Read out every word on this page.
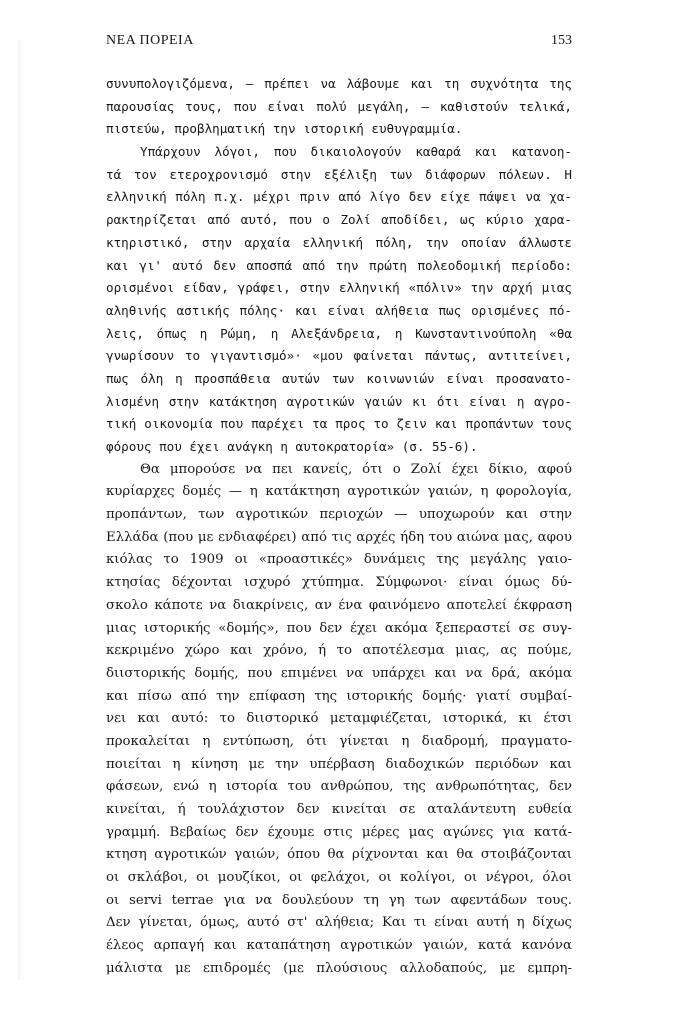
ΝΕΑ ΠΟΡΕΙΑ	153
συνυπολογιζόμενα, — πρέπει να λάβουμε και τη συχνότητα της
παρουσίας τους, που είναι πολύ μεγάλη, — καθιστούν τελικά,
πιστεύω, προβληματική την ιστορική ευθυγραμμία.
Υπάρχουν λόγοι, που δικαιολογούν καθαρά και κατανοη-
τά τον ετεροχρονισμό στην εξέλιξη των διάφορων πόλεων. Η
ελληνική πόλη π.χ. μέχρι πριν από λίγο δεν είχε πάψει να χα-
ρακτηρίζεται από αυτό, που ο Ζολί αποδίδει, ως κύριο χαρα-
κτηριστικό, στην αρχαία ελληνική πόλη, την οποίαν άλλωστε
και γι' αυτό δεν αποσπά από την πρώτη πολεοδομική περίοδο:
ορισμένοι είδαν, γράφει, στην ελληνική «πόλιν» την αρχή μιας
αληθινής αστικής πόλης· και είναι αλήθεια πως ορισμένες πό-
λεις, όπως η Ρώμη, η Αλεξάνδρεια, η Κωνσταντινούπολη «θα
γνωρίσουν το γιγαντισμό»· «μου φαίνεται πάντως, αντιτείνει,
πως όλη η προσπάθεια αυτών των κοινωνιών είναι προσανατο-
λισμένη στην κατάκτηση αγροτικών γαιών κι ότι είναι η αγρο-
τική οικονομία που παρέχει τα προς το ζειν και προπάντων τους
φόρους που έχει ανάγκη η αυτοκρατορία» (σ. 55-6).
Θα μπορούσε να πει κανείς, ότι ο Ζολί έχει δίκιο, αφού
κυρίαρχες δομές — η κατάκτηση αγροτικών γαιών, η φορολογία,
προπάντων, των αγροτικών περιοχών — υποχωρούν και στην
Ελλάδα (που με ενδιαφέρει) από τις αρχές ήδη του αιώνα μας, αφου
κιόλας το 1909 οι «προαστικές» δυνάμεις της μεγάλης γαιο-
κτησίας δέχονται ισχυρό χτύπημα. Σύμφωνοι· είναι όμως δύ-
σκολο κάποτε να διακρίνεις, αν ένα φαινόμενο αποτελεί έκφραση
μιας ιστορικής «δομής», που δεν έχει ακόμα ξεπεραστεί σε συγ-
κεκριμένο χώρο και χρόνο, ή το αποτέλεσμα μιας, ας πούμε,
διιστορικής δομής, που επιμένει να υπάρχει και να δρά, ακόμα
και πίσω από την επίφαση της ιστορικής δομής· γιατί συμβαί-
νει και αυτό: το διιστορικό μεταμφιέζεται, ιστορικά, κι έτσι
προκαλείται η εντύπωση, ότι γίνεται η διαδρομή, πραγματο-
ποιείται η κίνηση με την υπέρβαση διαδοχικών περιόδων και
φάσεων, ενώ η ιστορία του ανθρώπου, της ανθρωπότητας, δεν
κινείται, ή τουλάχιστον δεν κινείται σε αταλάντευτη ευθεία
γραμμή. Βεβαίως δεν έχουμε στις μέρες μας αγώνες για κατά-
κτηση αγροτικών γαιών, όπου θα ρίχνονται και θα στοιβάζονται
οι σκλάβοι, οι μουζίκοι, οι φελάχοι, οι κολίγοι, οι νέγροι, όλοι
οι servi terrae για να δουλεύουν τη γη των αφεντάδων τους.
Δεν γίνεται, όμως, αυτό στ' αλήθεια; Και τι είναι αυτή η δίχως
έλεος αρπαγή και καταπάτηση αγροτικών γαιών, κατά κανόνα
μάλιστα με επιδρομές (με πλούσιους αλλοδαπούς, με εμπρη-
